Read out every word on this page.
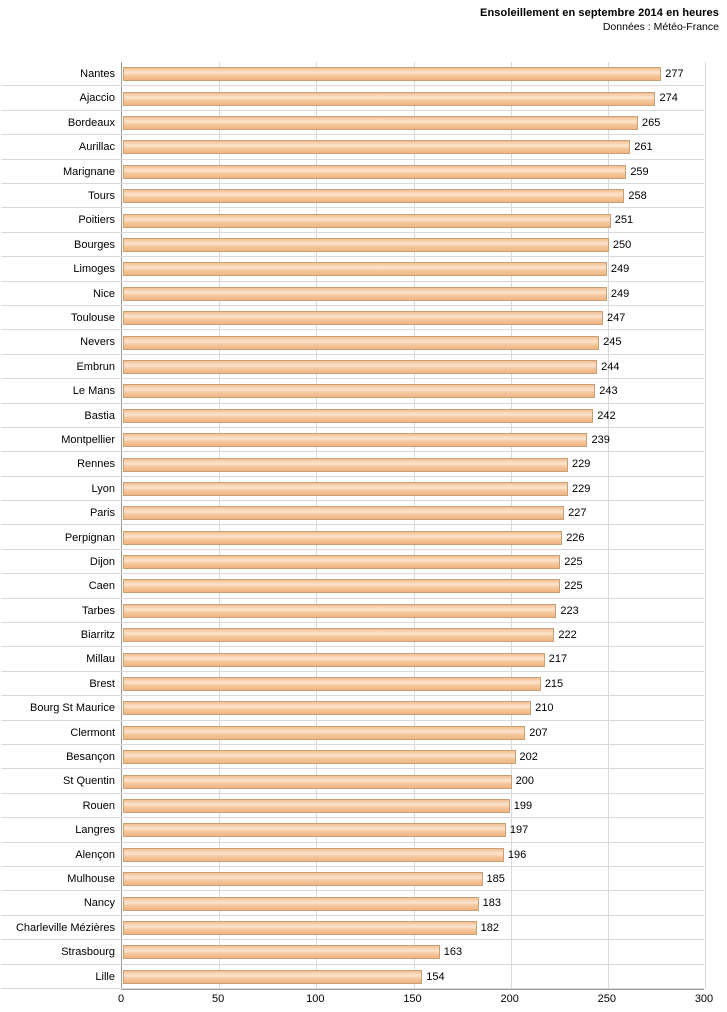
Ensoleillement en septembre 2014 en heures
Données : Météo-France
Nantes	277
Ajaccio	274
Bordeaux	265
Aurillac	261
Marignane	259
Tours	258
Poitiers	251
Bourges	250
Limoges	249
Nice	249
Toulouse	247
Nevers	245
Embrun	244
Le Mans	243
Bastia	242
Montpellier	239
Rennes	229
Lyon	229
Paris	227
Perpignan	226
Dijon	225
Caen	225
Tarbes	223
Biarritz	222
Millau	217
Brest	215
Bourg St Maurice	210
Clermont	207
Besançon	202
St Quentin	200
Rouen	199
Langres	197
Alençon	196
Mulhouse	185
Nancy	183
Charleville Mézières	182
Strasbourg	163
Lille	154
0	50	100	150	200	250	300
